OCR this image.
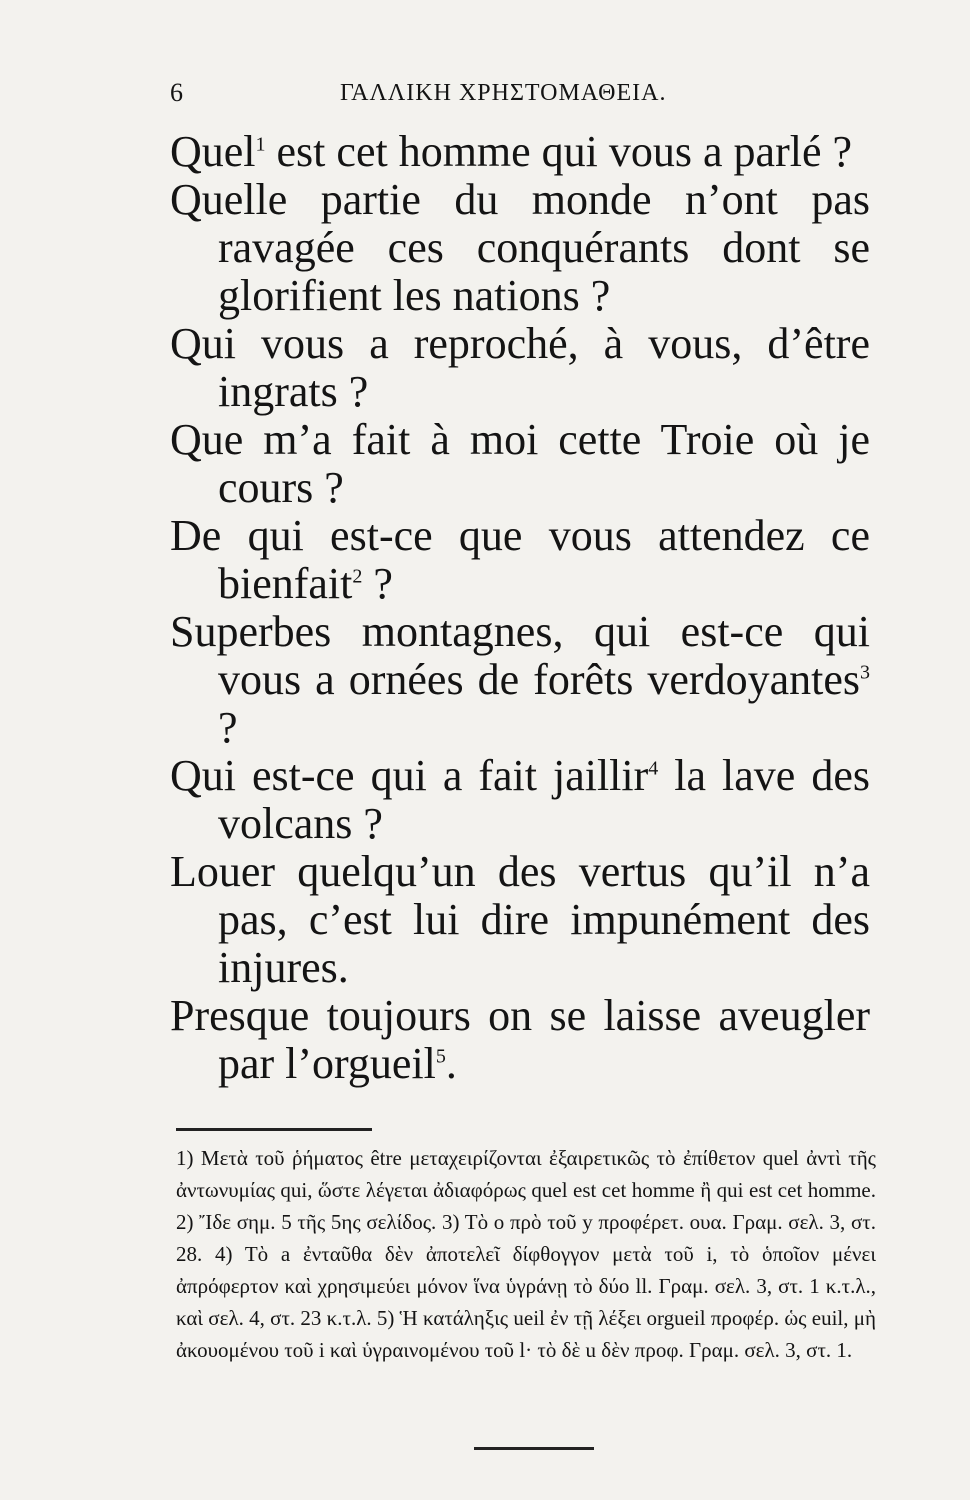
6	ΓΑΛΛΙΚΗ ΧΡΗΣΤΟΜΑΘΕΙΑ.

Quel$^1$ est cet homme qui vous a parlé ?

Quelle partie du monde n’ont pas ravagée ces conquérants dont se glorifient les nations ?

Qui vous a reproché, à vous, d’être ingrats ?

Que m’a fait à moi cette Troie où je cours ?

De qui est-ce que vous attendez ce bienfait$^2$ ?

Superbes montagnes, qui est-ce qui vous a ornées de forêts verdoyantes$^3$ ?

Qui est-ce qui a fait jaillir$^4$ la lave des volcans ?

Louer quelqu’un des vertus qu’il n’a pas, c’est lui dire impunément des injures.

Presque toujours on se laisse aveugler par l’orgueil$^5$.

1) Μετὰ τοῦ ῥήματος être μεταχειρίζονται ἐξαιρετικῶς τὸ ἐπίθετον quel ἀντὶ τῆς ἀντωνυμίας qui, ὥστε λέγεται ἀδιαφόρως quel est cet homme ἢ qui est cet homme. 2) Ἴδε σημ. 5 τῆς 5ης σελίδος. 3) Τὸ ο πρὸ τοῦ y προφέρετ. ουα. Γραμ. σελ. 3, στ. 28. 4) Τὸ a ἐνταῦθα δὲν ἀποτελεῖ δίφθογγον μετὰ τοῦ i, τὸ ὁποῖον μένει ἀπρόφερτον καὶ χρησιμεύει μόνον ἵνα ὑγράνῃ τὸ δύο ll. Γραμ. σελ. 3, στ. 1 κ.τ.λ., καὶ σελ. 4, στ. 23 κ.τ.λ. 5) Ἡ κατάληξις ueil ἐν τῇ λέξει orgueil προφέρ. ὡς euil, μὴ ἀκουομένου τοῦ i καὶ ὑγραινομένου τοῦ l· τὸ δὲ u δὲν προφ. Γραμ. σελ. 3, στ. 1.
